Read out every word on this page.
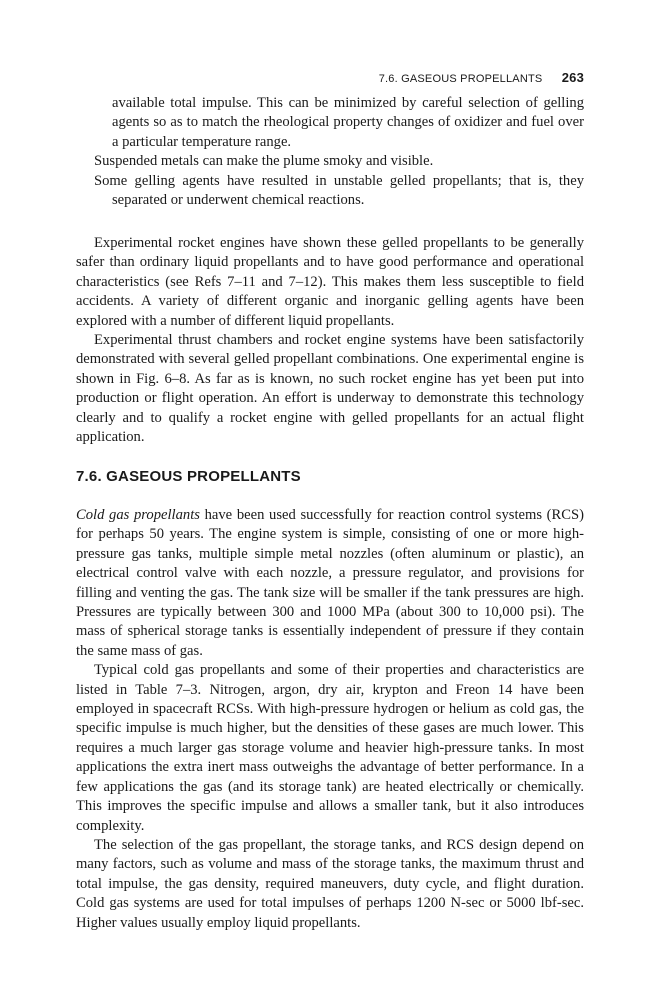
7.6. GASEOUS PROPELLANTS 263

available total impulse. This can be minimized by careful selection of gelling agents so as to match the rheological property changes of oxidizer and fuel over a particular temperature range.

Suspended metals can make the plume smoky and visible.

Some gelling agents have resulted in unstable gelled propellants; that is, they separated or underwent chemical reactions.

Experimental rocket engines have shown these gelled propellants to be generally safer than ordinary liquid propellants and to have good performance and operational characteristics (see Refs 7–11 and 7–12). This makes them less susceptible to field accidents. A variety of different organic and inorganic gelling agents have been explored with a number of different liquid propellants.

Experimental thrust chambers and rocket engine systems have been satisfactorily demonstrated with several gelled propellant combinations. One experimental engine is shown in Fig. 6–8. As far as is known, no such rocket engine has yet been put into production or flight operation. An effort is underway to demonstrate this technology clearly and to qualify a rocket engine with gelled propellants for an actual flight application.

7.6. GASEOUS PROPELLANTS

Cold gas propellants have been used successfully for reaction control systems (RCS) for perhaps 50 years. The engine system is simple, consisting of one or more high-pressure gas tanks, multiple simple metal nozzles (often aluminum or plastic), an electrical control valve with each nozzle, a pressure regulator, and provisions for filling and venting the gas. The tank size will be smaller if the tank pressures are high. Pressures are typically between 300 and 1000 MPa (about 300 to 10,000 psi). The mass of spherical storage tanks is essentially independent of pressure if they contain the same mass of gas.

Typical cold gas propellants and some of their properties and characteristics are listed in Table 7–3. Nitrogen, argon, dry air, krypton and Freon 14 have been employed in spacecraft RCSs. With high-pressure hydrogen or helium as cold gas, the specific impulse is much higher, but the densities of these gases are much lower. This requires a much larger gas storage volume and heavier high-pressure tanks. In most applications the extra inert mass outweighs the advantage of better performance. In a few applications the gas (and its storage tank) are heated electrically or chemically. This improves the specific impulse and allows a smaller tank, but it also introduces complexity.

The selection of the gas propellant, the storage tanks, and RCS design depend on many factors, such as volume and mass of the storage tanks, the maximum thrust and total impulse, the gas density, required maneuvers, duty cycle, and flight duration. Cold gas systems are used for total impulses of perhaps 1200 N-sec or 5000 lbf-sec. Higher values usually employ liquid propellants.
